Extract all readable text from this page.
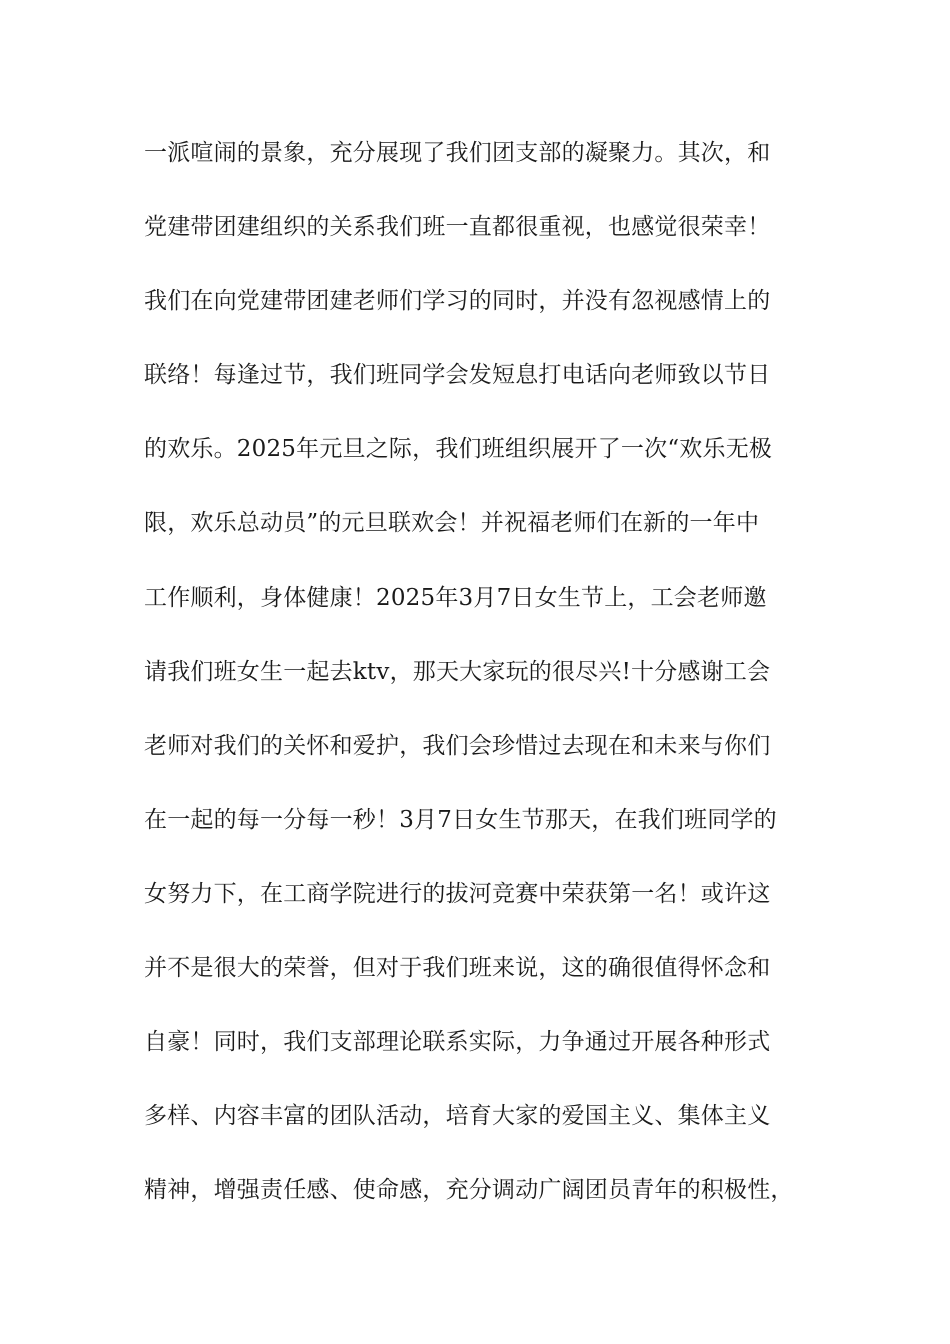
一派喧闹的景象，充分展现了我们团支部的凝聚力。其次，和
党建带团建组织的关系我们班一直都很重视，也感觉很荣幸！
我们在向党建带团建老师们学习的同时，并没有忽视感情上的
联络！每逢过节，我们班同学会发短息打电话向老师致以节日
的欢乐。2025年元旦之际，我们班组织展开了一次“欢乐无极
限，欢乐总动员”的元旦联欢会！并祝福老师们在新的一年中
工作顺利，身体健康！2025年3月7日女生节上，工会老师邀
请我们班女生一起去ktv，那天大家玩的很尽兴!十分感谢工会
老师对我们的关怀和爱护，我们会珍惜过去现在和未来与你们
在一起的每一分每一秒！3月7日女生节那天，在我们班同学的
女努力下，在工商学院进行的拔河竞赛中荣获第一名！或许这
并不是很大的荣誉，但对于我们班来说，这的确很值得怀念和
自豪！同时，我们支部理论联系实际，力争通过开展各种形式
多样、内容丰富的团队活动，培育大家的爱国主义、集体主义
精神，增强责任感、使命感，充分调动广阔团员青年的积极性，
